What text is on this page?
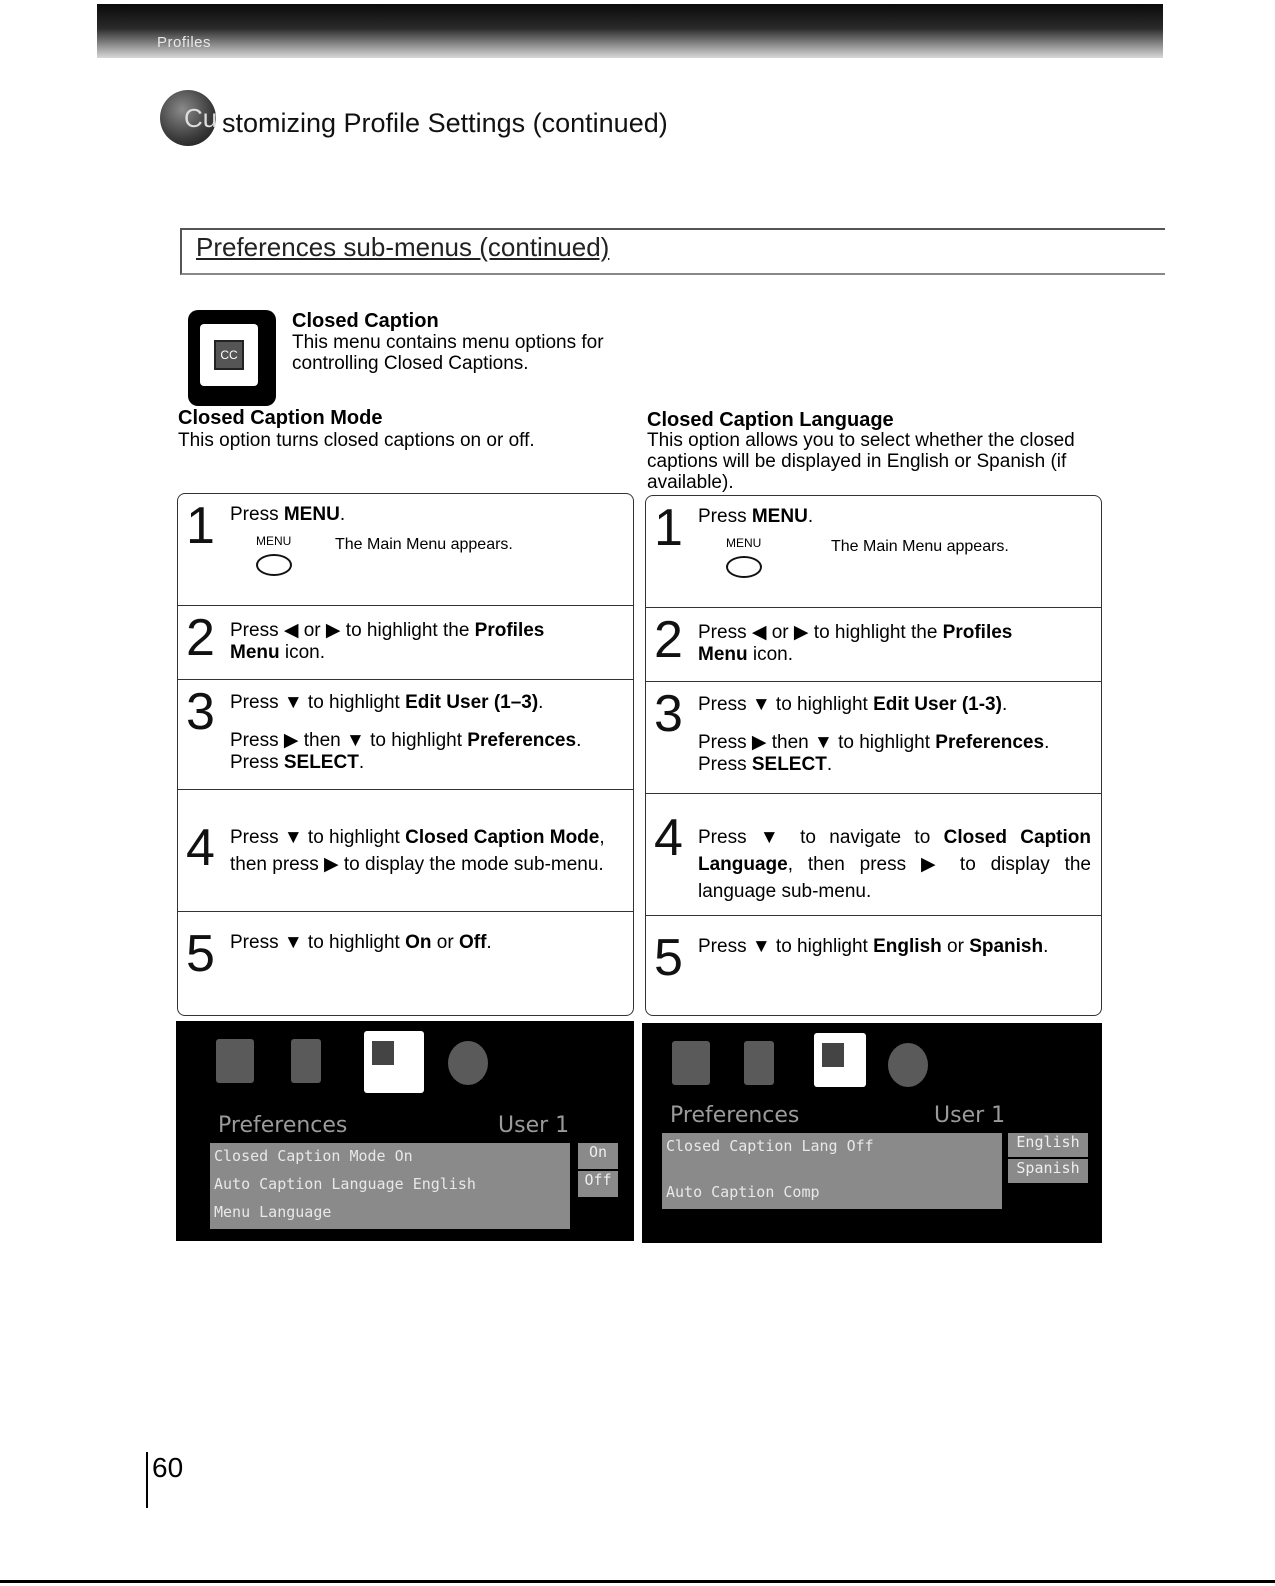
Profiles
Cu stomizing Profile Settings (continued)
Preferences sub-menus (continued)
CC
Closed Caption
This menu contains menu options for controlling Closed Captions.
Closed Caption Mode
This option turns closed captions on or off.
Closed Caption Language
This option allows you to select whether the closed captions will be displayed in English or Spanish (if available).
1 Press MENU.
MENU	The Main Menu appears.
2 Press ◀ or ▶ to highlight the Profiles Menu icon.
3 Press ▼ to highlight Edit User (1–3).
Press ▶ then ▼ to highlight Preferences.
Press SELECT.
4 Press ▼ to highlight Closed Caption Mode, then press ▶ to display the mode sub-menu.
5 Press ▼ to highlight On or Off.
1 Press MENU.
MENU	The Main Menu appears.
2 Press ◀ or ▶ to highlight the Profiles Menu icon.
3 Press ▼ to highlight Edit User (1-3).
Press ▶ then ▼ to highlight Preferences.
Press SELECT.
4 Press ▼ to navigate to Closed Caption Language, then press ▶ to display the language sub-menu.
5 Press ▼ to highlight English or Spanish.
Preferences	User 1
Closed Caption Mode On
Auto Caption Language English
Menu Language
On
Off
Preferences	User 1
Closed Caption Lang Off
Auto Caption Comp
English
Spanish
60
